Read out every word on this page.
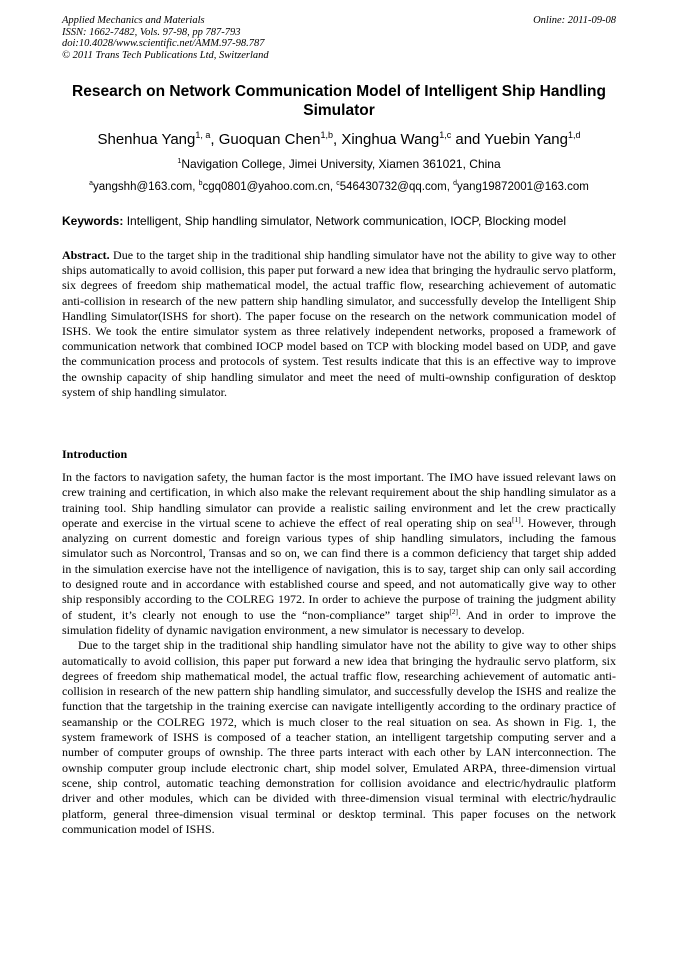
Applied Mechanics and Materials
ISSN: 1662-7482, Vols. 97-98, pp 787-793
doi:10.4028/www.scientific.net/AMM.97-98.787
© 2011 Trans Tech Publications Ltd, Switzerland
Online: 2011-09-08
Research on Network Communication Model of Intelligent Ship Handling Simulator
Shenhua Yang$^{1, a}$, Guoquan Chen$^{1,b}$, Xinghua Wang$^{1,c}$ and Yuebin Yang$^{1,d}$
$^1$Navigation College, Jimei University, Xiamen 361021, China
$^a$yangshh@163.com, $^b$cgq0801@yahoo.com.cn, $^c$546430732@qq.com, $^d$yang19872001@163.com
Keywords: Intelligent, Ship handling simulator, Network communication, IOCP, Blocking model

Abstract. Due to the target ship in the traditional ship handling simulator have not the ability to give way to other ships automatically to avoid collision, this paper put forward a new idea that bringing the hydraulic servo platform, six degrees of freedom ship mathematical model, the actual traffic flow, researching achievement of automatic anti-collision in research of the new pattern ship handling simulator, and successfully develop the Intelligent Ship Handling Simulator(ISHS for short). The paper focuse on the research on the network communication model of ISHS. We took the entire simulator system as three relatively independent networks, proposed a framework of communication network that combined IOCP model based on TCP with blocking model based on UDP, and gave the communication process and protocols of system. Test results indicate that this is an effective way to improve the ownship capacity of ship handling simulator and meet the need of multi-ownship configuration of desktop system of ship handling simulator.

Introduction

In the factors to navigation safety, the human factor is the most important. The IMO have issued relevant laws on crew training and certification, in which also make the relevant requirement about the ship handling simulator as a training tool. Ship handling simulator can provide a realistic sailing environment and let the crew practically operate and exercise in the virtual scene to achieve the effect of real operating ship on sea[1]. However, through analyzing on current domestic and foreign various types of ship handling simulators, including the famous simulator such as Norcontrol, Transas and so on, we can find there is a common deficiency that target ship added in the simulation exercise have not the intelligence of navigation, this is to say, target ship can only sail according to designed route and in accordance with established course and speed, and not automatically give way to other ship responsibly according to the COLREG 1972. In order to achieve the purpose of training the judgment ability of student, it’s clearly not enough to use the “non-compliance” target ship[2]. And in order to improve the simulation fidelity of dynamic navigation environment, a new simulator is necessary to develop.

Due to the target ship in the traditional ship handling simulator have not the ability to give way to other ships automatically to avoid collision, this paper put forward a new idea that bringing the hydraulic servo platform, six degrees of freedom ship mathematical model, the actual traffic flow, researching achievement of automatic anti-collision in research of the new pattern ship handling simulator, and successfully develop the ISHS and realize the function that the targetship in the training exercise can navigate intelligently according to the ordinary practice of seamanship or the COLREG 1972, which is much closer to the real situation on sea. As shown in Fig. 1, the system framework of ISHS is composed of a teacher station, an intelligent targetship computing server and a number of computer groups of ownship. The three parts interact with each other by LAN interconnection. The ownship computer group include electronic chart, ship model solver, Emulated ARPA, three-dimension virtual scene, ship control, automatic teaching demonstration for collision avoidance and electric/hydraulic platform driver and other modules, which can be divided with three-dimension visual terminal with electric/hydraulic platform, general three-dimension visual terminal or desktop terminal. This paper focuses on the network communication model of ISHS.
